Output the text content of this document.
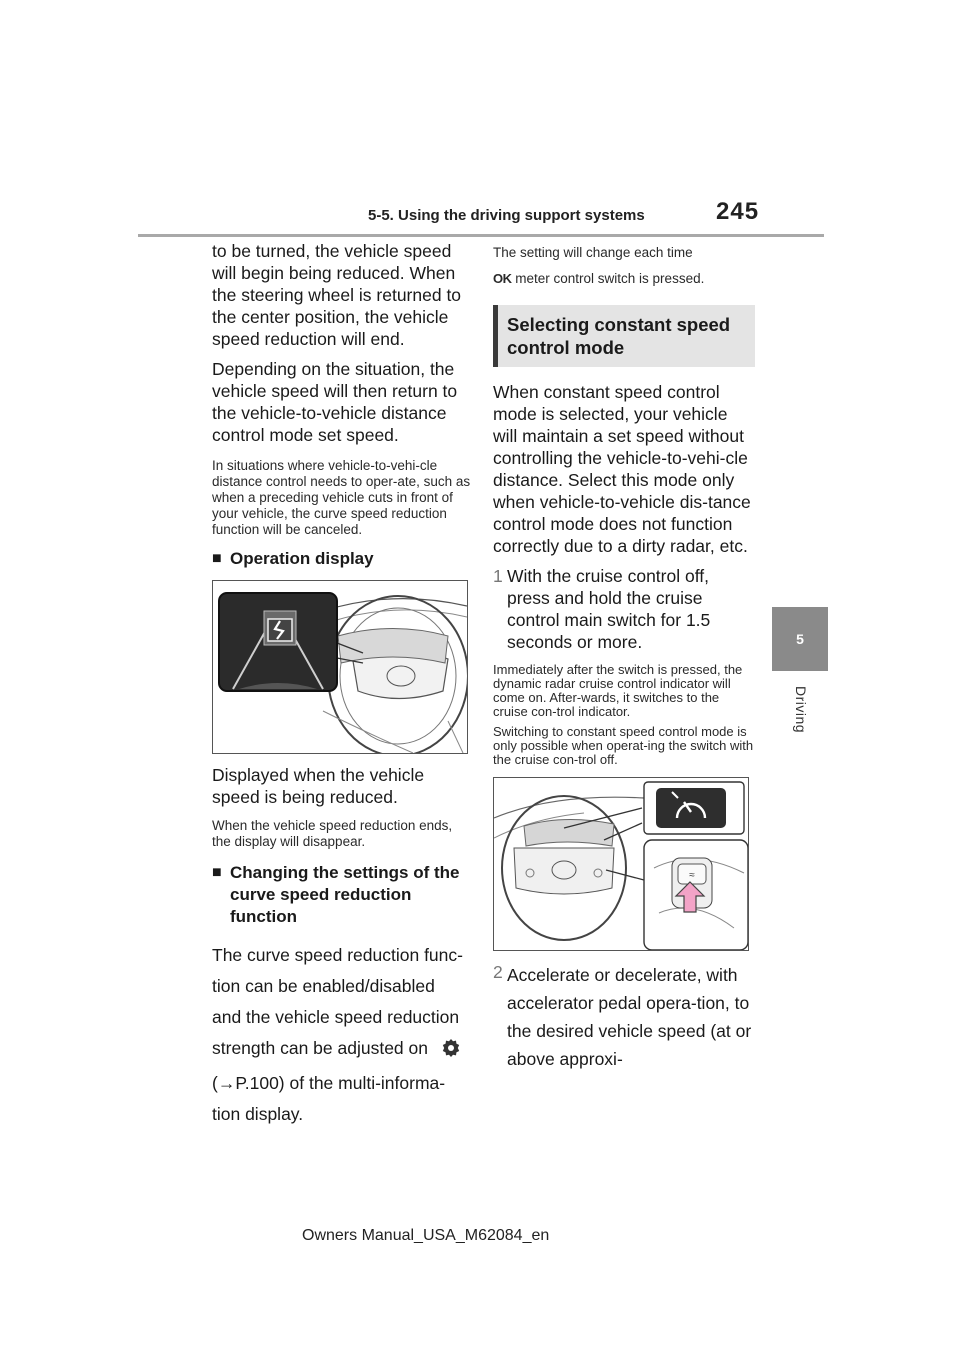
5-5. Using the driving support systems	245
5
Driving

to be turned, the vehicle speed will begin being reduced. When the steering wheel is returned to the center position, the vehicle speed reduction will end.

Depending on the situation, the vehicle speed will then return to the vehicle-to-vehicle distance control mode set speed.

In situations where vehicle-to-vehi-cle distance control needs to oper-ate, such as when a preceding vehicle cuts in front of your vehicle, the curve speed reduction function will be canceled.

■ Operation display

Displayed when the vehicle speed is being reduced.

When the vehicle speed reduction ends, the display will disappear.

■ Changing the settings of the curve speed reduction function

The curve speed reduction func-

tion can be enabled/disabled

and the vehicle speed reduction

strength can be adjusted on

(→P.100) of the multi-informa-

tion display.

The setting will change each time

OK meter control switch is pressed.

Selecting constant speed control mode

When constant speed control mode is selected, your vehicle will maintain a set speed without controlling the vehicle-to-vehi-cle distance. Select this mode only when vehicle-to-vehicle dis-tance control mode does not function correctly due to a dirty radar, etc.

1 With the cruise control off, press and hold the cruise control main switch for 1.5 seconds or more.

Immediately after the switch is pressed, the dynamic radar cruise control indicator will come on. After-wards, it switches to the cruise con-trol indicator.

Switching to constant speed control mode is only possible when operat-ing the switch with the cruise con-trol off.

≈
2 Accelerate or decelerate, with accelerator pedal opera-tion, to the desired vehicle speed (at or above approxi-
Owners Manual_USA_M62084_en
